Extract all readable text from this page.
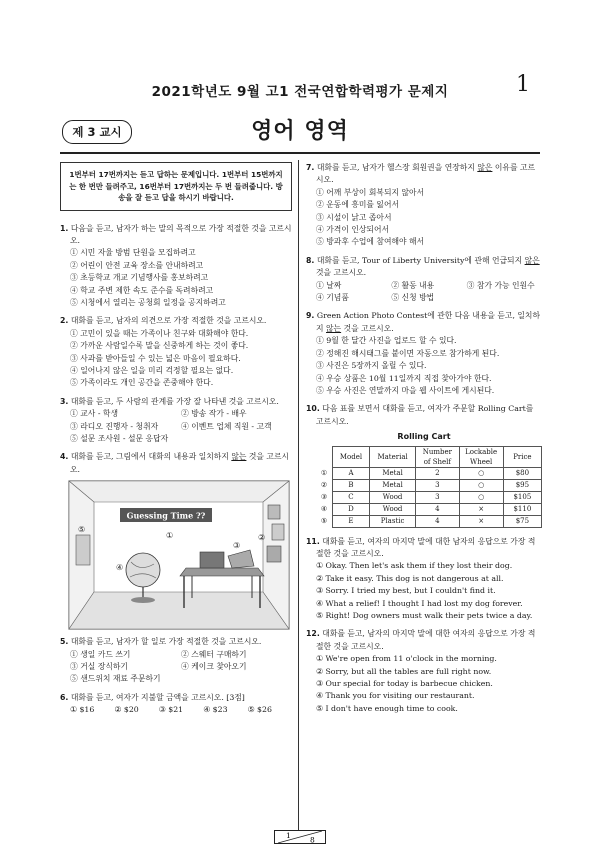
2021학년도 9월 고1 전국연합학력평가 문제지	1
제 3 교시	영어 영역
1번부터 17번까지는 듣고 답하는 문제입니다. 1번부터 15번까지는 한 번만 들려주고, 16번부터 17번까지는 두 번 들려줍니다. 방송을 잘 듣고 답을 하시기 바랍니다.
1. 다음을 듣고, 남자가 하는 말의 목적으로 가장 적절한 것을 고르시오.
① 시민 자율 방범 단원을 모집하려고
② 어린이 안전 교육 장소를 안내하려고
③ 초등학교 개교 기념행사를 홍보하려고
④ 학교 주변 제한 속도 준수를 독려하려고
⑤ 시청에서 열리는 공청회 일정을 공지하려고
2. 대화를 듣고, 남자의 의견으로 가장 적절한 것을 고르시오.
① 고민이 있을 때는 가족이나 친구와 대화해야 한다.
② 가까운 사람일수록 말을 신중하게 하는 것이 좋다.
③ 사과를 받아들일 수 있는 넓은 마음이 필요하다.
④ 일어나지 않은 일을 미리 걱정할 필요는 없다.
⑤ 가족이라도 개인 공간을 존중해야 한다.
3. 대화를 듣고, 두 사람의 관계를 가장 잘 나타낸 것을 고르시오.
① 교사 - 학생	② 방송 작가 - 배우
③ 라디오 진행자 - 청취자	④ 이벤트 업체 직원 - 고객
⑤ 설문 조사원 - 설문 응답자
4. 대화를 듣고, 그림에서 대화의 내용과 일치하지 않는 것을 고르시오.
Guessing Time ??
①	②
③
④
⑤
5. 대화를 듣고, 남자가 할 일로 가장 적절한 것을 고르시오.
① 생일 카드 쓰기	② 스웨터 구매하기
③ 거실 장식하기	④ 케이크 찾아오기
⑤ 샌드위치 재료 주문하기
6. 대화를 듣고, 여자가 지불할 금액을 고르시오. [3점]
① $16	② $20	③ $21	④ $23	⑤ $26
7. 대화를 듣고, 남자가 헬스장 회원권을 연장하지 않은 이유를 고르시오.
① 어깨 부상이 회복되지 않아서
② 운동에 흥미를 잃어서
③ 시설이 낡고 좁아서
④ 가격이 인상되어서
⑤ 방과후 수업에 참여해야 해서
8. 대화를 듣고, Tour of Liberty University에 관해 언급되지 않은 것을 고르시오.
① 날짜	② 활동 내용	③ 참가 가능 인원수
④ 기념품	⑤ 신청 방법
9. Green Action Photo Contest에 관한 다음 내용을 듣고, 일치하지 않는 것을 고르시오.
① 9월 한 달간 사진을 업로드 할 수 있다.
② 정해진 해시태그를 붙이면 자동으로 참가하게 된다.
③ 사진은 5장까지 올릴 수 있다.
④ 우승 상품은 10월 11일까지 직접 찾아가야 한다.
⑤ 우승 사진은 연말까지 마을 웹 사이트에 게시된다.
10. 다음 표를 보면서 대화를 듣고, 여자가 주문할 Rolling Cart를 고르시오.
Rolling Cart
	Model	Material	Number of Shelf	Lockable Wheel	Price
①	A	Metal	2	○	$80
②	B	Metal	3	○	$95
③	C	Wood	3	○	$105
④	D	Wood	4	×	$110
⑤	E	Plastic	4	×	$75
11. 대화를 듣고, 여자의 마지막 말에 대한 남자의 응답으로 가장 적절한 것을 고르시오.
① Okay. Then let's ask them if they lost their dog.
② Take it easy. This dog is not dangerous at all.
③ Sorry. I tried my best, but I couldn't find it.
④ What a relief! I thought I had lost my dog forever.
⑤ Right! Dog owners must walk their pets twice a day.
12. 대화를 듣고, 남자의 마지막 말에 대한 여자의 응답으로 가장 적절한 것을 고르시오.
① We're open from 11 o'clock in the morning.
② Sorry, but all the tables are full right now.
③ Our special for today is barbecue chicken.
④ Thank you for visiting our restaurant.
⑤ I don't have enough time to cook.
1	8
